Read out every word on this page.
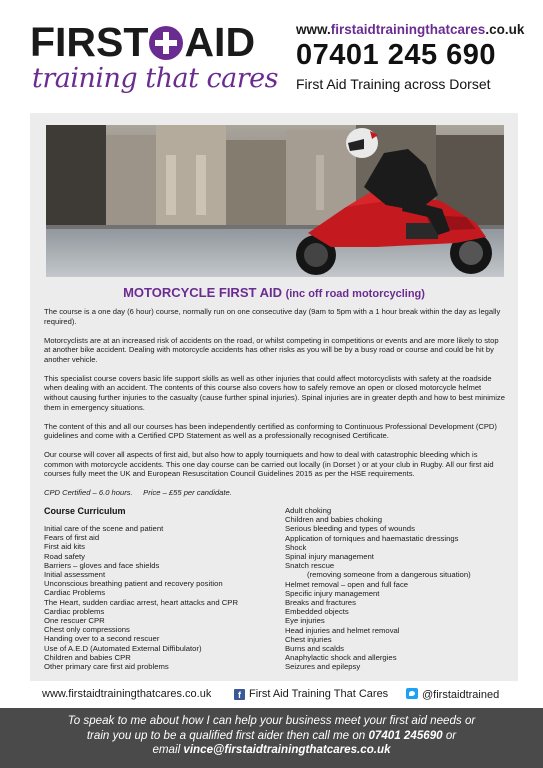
FIRST AID
training that cares
www.firstaidtrainingthatcares.co.uk
07401 245 690
First Aid Training across Dorset
MOTORCYCLE FIRST AID (inc off road motorcycling)

The course is a one day (6 hour) course, normally run on one consecutive day (9am to 5pm with a 1 hour break within the day as legally required).

Motorcyclists are at an increased risk of accidents on the road, or whilst competing in competitions or events and are more likely to stop at another bike accident. Dealing with motorcycle accidents has other risks as you will be by a busy road or course and could be hit by another vehicle.

This specialist course covers basic life support skills as well as other injuries that could affect motorcyclists with safety at the roadside when dealing with an accident. The contents of this course also covers how to safely remove an open or closed motorcycle helmet without causing further injuries to the casualty (cause further spinal injuries). Spinal injuries are in greater depth and how to best minimize them in emergency situations.

The content of this and all our courses has been independently certified as conforming to Continuous Professional Development (CPD) guidelines and come with a Certified CPD Statement as well as a professionally recognised Certificate.

Our course will cover all aspects of first aid, but also how to apply tourniquets and how to deal with catastrophic bleeding which is common with motorcycle accidents. This one day course can be carried out locally (in Dorset ) or at your club in Rugby. All our first aid courses fully meet the UK and European Resuscitation Council Guidelines 2015 as per the HSE requirements.

CPD Certified – 6.0 hours.     Price – £55 per candidate.

Course Curriculum
Initial care of the scene and patient
Fears of first aid
First aid kits
Road safety
Barriers – gloves and face shields
Initial assessment
Unconscious breathing patient and recovery position
Cardiac Problems
The Heart, sudden cardiac arrest, heart attacks and CPR
Cardiac problems
One rescuer CPR
Chest only compressions
Handing over to a second rescuer
Use of A.E.D (Automated External Diffibulator)
Children and babies CPR
Other primary care first aid problems
Adult choking
Children and babies choking
Serious bleeding and types of wounds
Application of torniques and haemastatic dressings
Shock
Spinal injury management
Snatch rescue
(removing someone from a dangerous situation)
Helmet removal – open and full face
Specific injury management
Breaks and fractures
Embedded objects
Eye injuries
Head injuries and helmet removal
Chest injuries
Burns and scalds
Anaphylactic shock and allergies
Seizures and epilepsy
www.firstaidtrainingthatcares.co.uk	f First Aid Training That Cares	@firstaidtrained
To speak to me about how I can help your business meet your first aid needs or
train you up to be a qualified first aider then call me on 07401 245690 or
email vince@firstaidtrainingthatcares.co.uk
